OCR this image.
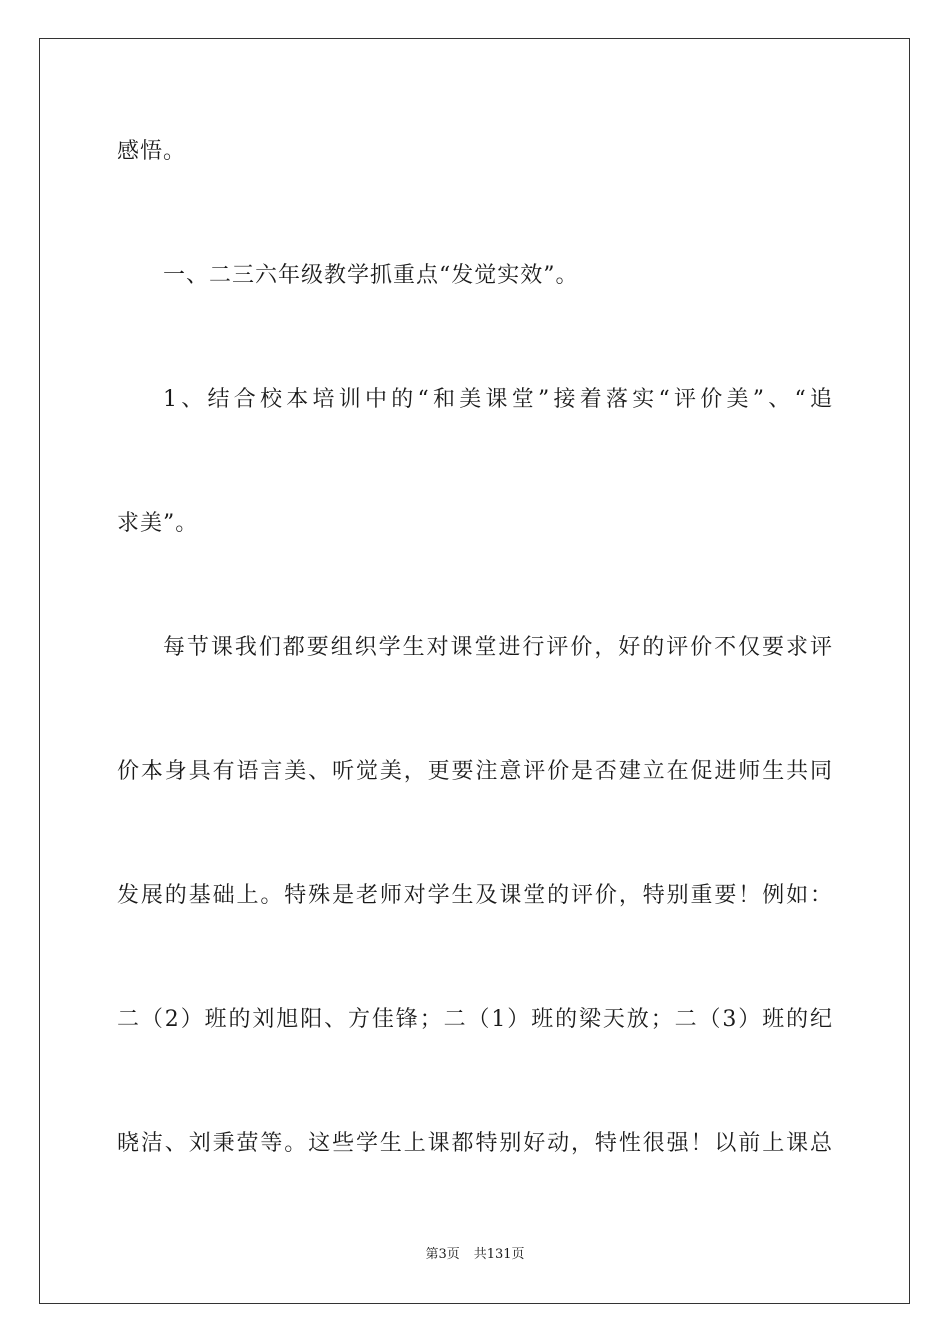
感悟。
一、二三六年级教学抓重点“发觉实效”。
1、结合校本培训中的“和美课堂”接着落实“评价美”、“追
求美”。
每节课我们都要组织学生对课堂进行评价，好的评价不仅要求评
价本身具有语言美、听觉美，更要注意评价是否建立在促进师生共同
发展的基础上。特殊是老师对学生及课堂的评价，特别重要！例如：
二（2）班的刘旭阳、方佳锋；二（1）班的梁天放；二（3）班的纪
晓洁、刘秉萤等。这些学生上课都特别好动，特性很强！以前上课总
第3页 共131页
